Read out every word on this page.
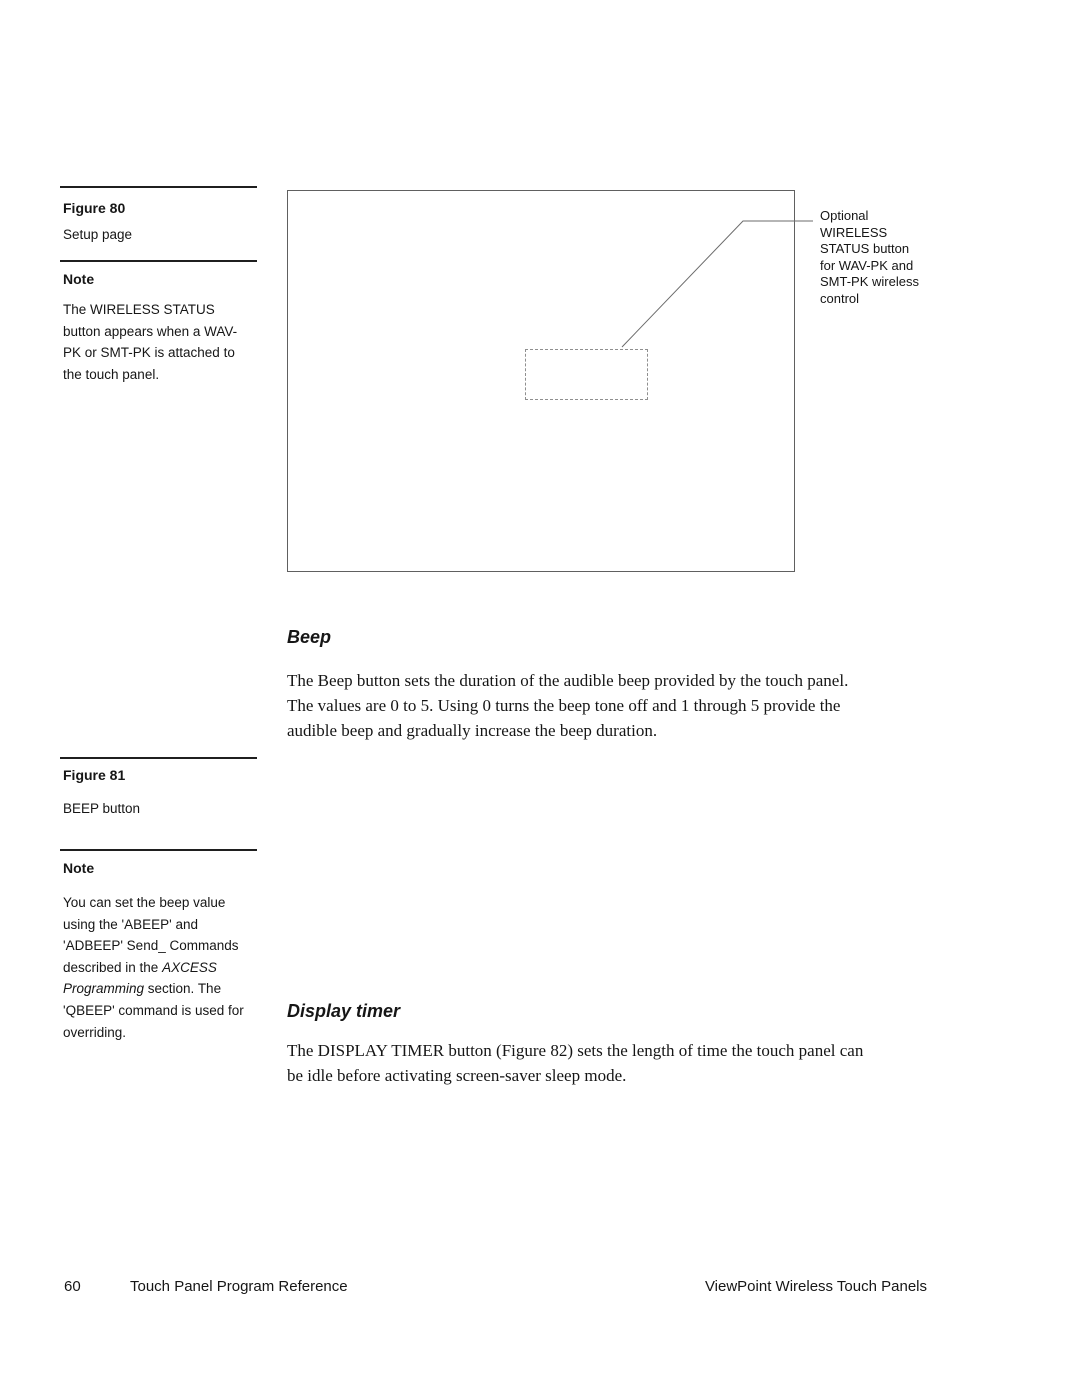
Figure 80
Setup page
Note
The WIRELESS STATUS
button appears when a WAV-
PK or SMT-PK is attached to
the touch panel.
Optional
WIRELESS
STATUS button
for WAV-PK and
SMT-PK wireless
control
Beep
The Beep button sets the duration of the audible beep provided by the touch panel.
The values are 0 to 5. Using 0 turns the beep tone off and 1 through 5 provide the
audible beep and gradually increase the beep duration.
Figure 81
BEEP button
Note
You can set the beep value
using the 'ABEEP' and
'ADBEEP' Send_ Commands
described in the AXCESS
Programming section. The
'QBEEP' command is used for
overriding.
Display timer
The DISPLAY TIMER button (Figure 82) sets the length of time the touch panel can
be idle before activating screen-saver sleep mode.
60	Touch Panel Program Reference	ViewPoint Wireless Touch Panels
